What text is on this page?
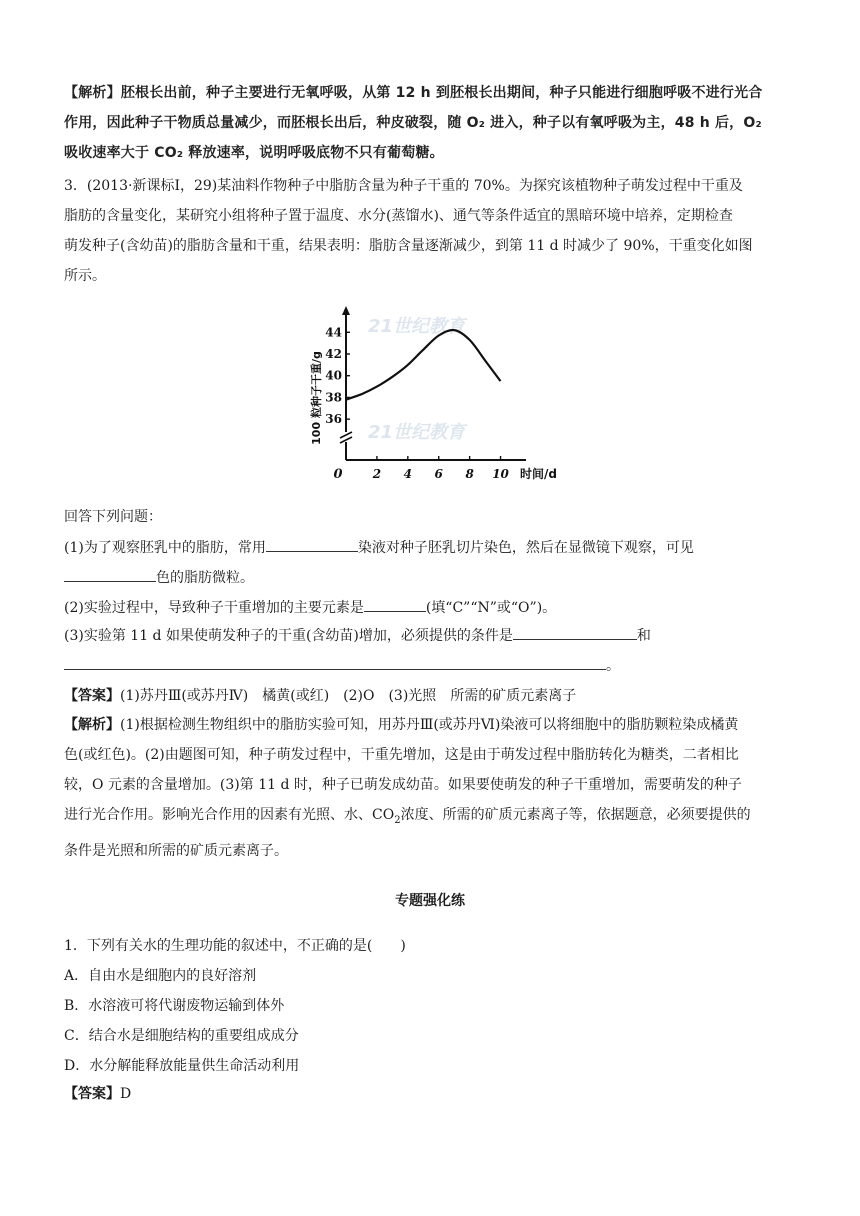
【解析】胚根长出前，种子主要进行无氧呼吸，从第 12 h 到胚根长出期间，种子只能进行细胞呼吸不进行光合
作用，因此种子干物质总量减少，而胚根长出后，种皮破裂，随 O₂ 进入，种子以有氧呼吸为主，48 h 后，O₂
吸收速率大于 CO₂ 释放速率，说明呼吸底物不只有葡萄糖。

3．(2013·新课标Ⅰ，29)某油料作物种子中脂肪含量为种子干重的 70%。为探究该植物种子萌发过程中干重及
脂肪的含量变化，某研究小组将种子置于温度、水分(蒸馏水)、通气等条件适宜的黑暗环境中培养，定期检查
萌发种子(含幼苗)的脂肪含量和干重，结果表明：脂肪含量逐渐减少，到第 11 d 时减少了 90%，干重变化如图
所示。

21世纪教育
21世纪教育
0	2 4 6 8 10 时间/d
36
38
40
42
44
100 粒种子干重/g

回答下列问题：

(1)为了观察胚乳中的脂肪，常用	染液对种子胚乳切片染色，然后在显微镜下观察，可见
色的脂肪微粒。

(2)实验过程中，导致种子干重增加的主要元素是	(填“C”“N”或“O”)。

(3)实验第 11 d 如果使萌发种子的干重(含幼苗)增加，必须提供的条件是	和
。

【答案】(1)苏丹Ⅲ(或苏丹Ⅳ)　橘黄(或红)　(2)O　(3)光照　所需的矿质元素离子

【解析】(1)根据检测生物组织中的脂肪实验可知，用苏丹Ⅲ(或苏丹Ⅵ)染液可以将细胞中的脂肪颗粒染成橘黄
色(或红色)。(2)由题图可知，种子萌发过程中，干重先增加，这是由于萌发过程中脂肪转化为糖类，二者相比
较，O 元素的含量增加。(3)第 11 d 时，种子已萌发成幼苗。如果要使萌发的种子干重增加，需要萌发的种子
进行光合作用。影响光合作用的因素有光照、水、$CO_2$浓度、所需的矿质元素离子等，依据题意，必须要提供的
条件是光照和所需的矿质元素离子。

专题强化练
1．下列有关水的生理功能的叙述中，不正确的是(　　)
A．自由水是细胞内的良好溶剂
B．水溶液可将代谢废物运输到体外
C．结合水是细胞结构的重要组成成分
D．水分解能释放能量供生命活动利用
【答案】D
